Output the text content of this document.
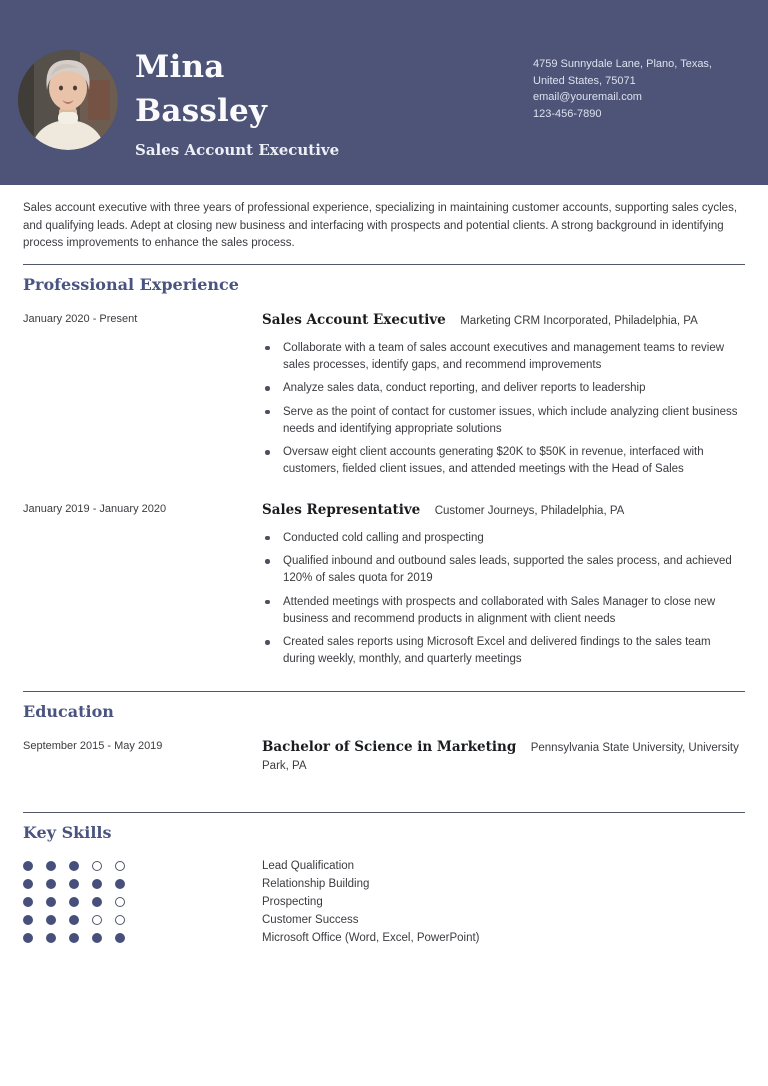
Mina
Bassley
Sales Account Executive
4759 Sunnydale Lane, Plano, Texas,
United States, 75071
email@youremail.com
123-456-7890

Sales account executive with three years of professional experience, specializing in maintaining customer accounts, supporting sales cycles, and qualifying leads. Adept at closing new business and interfacing with prospects and potential clients. A strong background in identifying process improvements to enhance the sales process.

Professional Experience
January 2020 - Present	Sales Account Executive Marketing CRM Incorporated, Philadelphia, PA
Collaborate with a team of sales account executives and management teams to review sales processes, identify gaps, and recommend improvements
Analyze sales data, conduct reporting, and deliver reports to leadership
Serve as the point of contact for customer issues, which include analyzing client business needs and identifying appropriate solutions
Oversaw eight client accounts generating $20K to $50K in revenue, interfaced with customers, fielded client issues, and attended meetings with the Head of Sales
January 2019 - January 2020	Sales Representative Customer Journeys, Philadelphia, PA
Conducted cold calling and prospecting
Qualified inbound and outbound sales leads, supported the sales process, and achieved 120% of sales quota for 2019
Attended meetings with prospects and collaborated with Sales Manager to close new business and recommend products in alignment with client needs
Created sales reports using Microsoft Excel and delivered findings to the sales team during weekly, monthly, and quarterly meetings
Education
September 2015 - May 2019	Bachelor of Science in Marketing Pennsylvania State University, University Park, PA
Key Skills
Lead Qualification
Relationship Building
Prospecting
Customer Success
Microsoft Office (Word, Excel, PowerPoint)
